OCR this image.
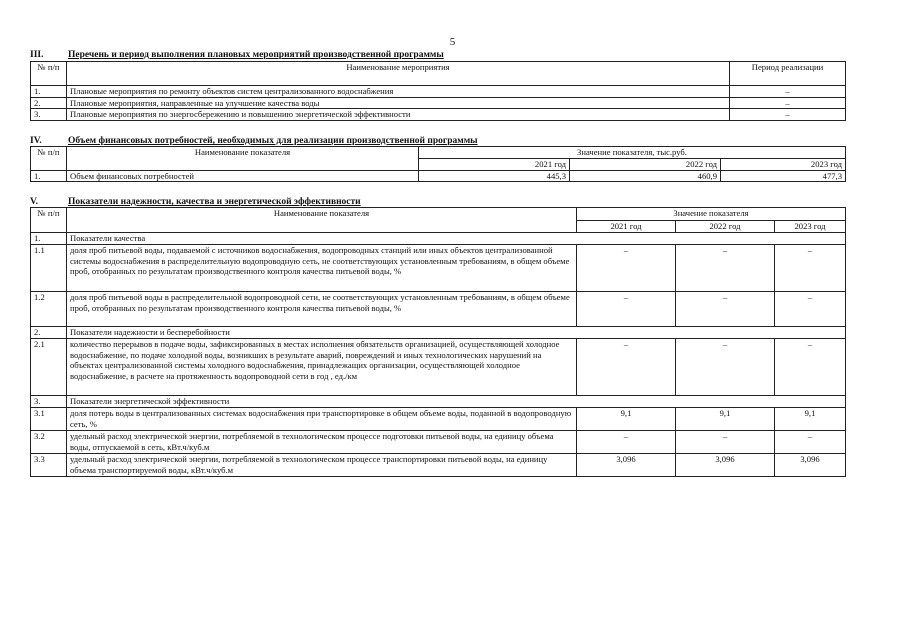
5
III.	Перечень и период выполнения плановых мероприятий производственной программы
№ п/п	Наименование мероприятия	Период реализации
1.	Плановые мероприятия по ремонту объектов систем централизованного водоснабжения	–
2.	Плановые мероприятия, направленные на улучшение качества воды	–
3.	Плановые мероприятия по энергосбережению и повышению энергетической эффективности	–
IV.	Объем финансовых потребностей, необходимых для реализации производственной программы
№ п/п	Наименование показателя	Значение показателя, тыс.руб.		
		2021 год	2022 год	2023 год
1.	Объем финансовых потребностей	445,3	460,9	477,3
V.	Показатели надежности, качества и энергетической эффективности
№ п/п	Наименование показателя	Значение показателя		
		2021 год	2022 год	2023 год
1.	Показатели качества			
1.1	доля проб питьевой воды, подаваемой с источников водоснабжения, водопроводных станций или иных объектов централизованной системы водоснабжения в распределительную водопроводную сеть, не соответствующих установленным требованиям, в общем объеме проб, отобранных по результатам производственного контроля качества питьевой воды, %	–	–	–
1.2	доля проб питьевой воды в распределительной водопроводной сети, не соответствующих установленным требованиям, в общем объеме проб, отобранных по результатам производственного контроля качества питьевой воды, %	–	–	–
2.	Показатели надежности и бесперебойности			
2.1	количество перерывов в подаче воды, зафиксированных в местах исполнения обязательств организацией, осуществляющей холодное водоснабжение, по подаче холодной воды, возникших в результате аварий, повреждений и иных технологических нарушений на объектах централизованной системы холодного водоснабжения, принадлежащих организации, осуществляющей холодное водоснабжение, в расчете на протяженность водопроводной сети в год , ед./км	–	–	–
3.	Показатели энергетической эффективности			
3.1	доля потерь воды в централизованных системах водоснабжения при транспортировке в общем объеме воды, поданной в водопроводную сеть, %	9,1	9,1	9,1
3.2	удельный расход электрической энергии, потребляемой в технологическом процессе подготовки питьевой воды, на единицу объема воды, отпускаемой в сеть, кВт.ч/куб.м	–	–	–
3.3	удельный расход электрической энергии, потребляемой в технологическом процессе транспортировки питьевой воды, на единицу объема транспортируемой воды, кВт.ч/куб.м	3,096	3,096	3,096
